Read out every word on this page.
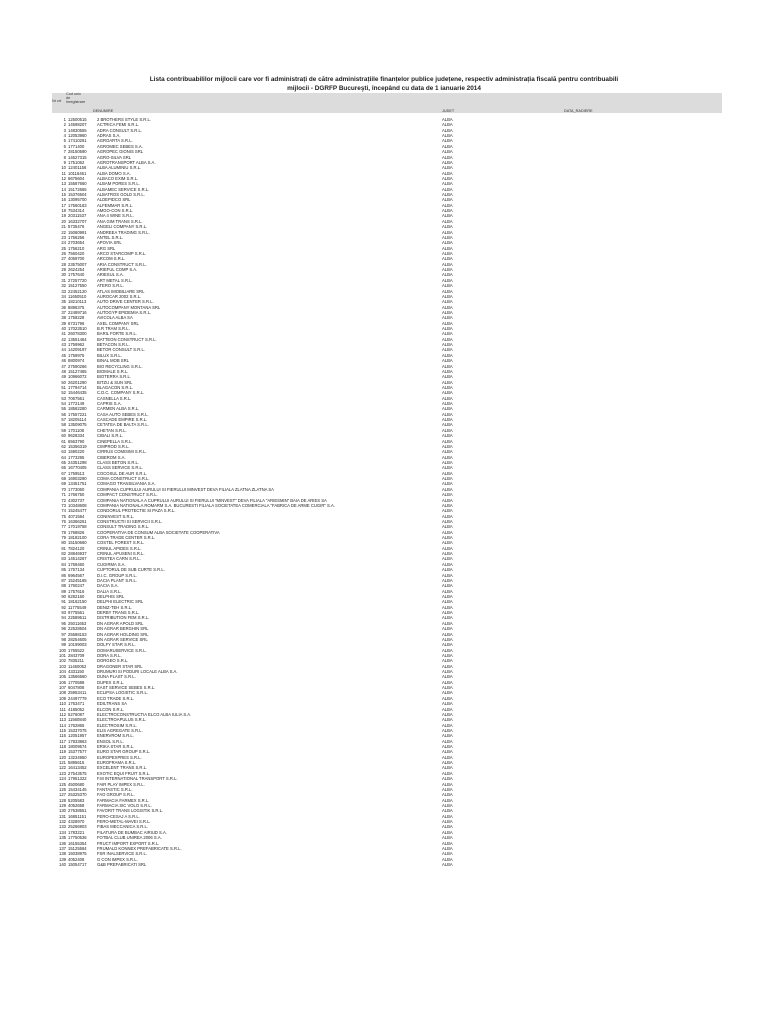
Lista contribuabililor mijlocii care vor fi administrați de către administrațiile finanțelor publice județene, respectiv administrația fiscală pentru contribuabili
mijlocii - DGRFP Bucureşti, începând cu data de 1 ianuarie 2014
Nr crt
Cod unic de înregistrare
DENUMIRE	JUDET	DATA_RADIERE
1 12500515	2 BROTHERS STYLE S.R.L.	ALBA
2 14598207	ACTRICA FEMI S.R.L.	ALBA
3 14830555	ADRA CONSULT S.R.L.	ALBA
4 12053960	ADRAS S.A.	ALBA
5 17410261	AGROARTA S.R.L.	ALBA
6 1771400	AGROMEC SEBES S.A.	ALBA
7 28150590	AGROPEC GIONIS SRL	ALBA
8 14627315	AGRO-SILVA SRL	ALBA
9 1751062	AGROTRANSPORT ALBA S.A.	ALBA
10 12401156	ALBA ALUMINIU S.R.L.	ALBA
11 10116461	ALBA DOMO S.A.	ALBA
12 6675604	ALBACO EXIM S.R.L.	ALBA
13 15587660	ALBAM PORES S.R.L.	ALBA
14 15172665	ALBAMEC SERVICE S.R.L.	ALBA
15 15376504	ALBATROS GOLD S.R.L.	ALBA
16 13095700	ALDEPIDCO SRL	ALBA
17 17560163	ALFEMMAR S.R.L.	ALBA
18 7534314	AMGO-CON S.R.L.	ALBA
19 20311537	ANA 4 WINE S.R.L.	ALBA
20 16332707	ANA GIM TRANS S.R.L.	ALBA
21 5735476	ANGELI COMPANY S.R.L.	ALBA
22 15060991	ANDREEA TRADING S.R.L.	ALBA
23 1756256	ANTEL S.R.L.	ALBA
24 2703654	APOVIA SRL	ALBA
25 1756210	ARG SRL	ALBA
26 7560420	ARCO STARCOMP S.R.L.	ALBA
27 4059700	ARCOM S.R.L.	ALBA
28 23575007	ARIA CONSTRUCT S.R.L.	ALBA
29 2624254	ARIEFUL COMP S.A.	ALBA
30 1757640	ARIESUL S.A.	ALBA
31 27257720	ART METAL S.R.L.	ALBA
32 15127550	ATERO S.R.L.	ALBA
33 22452120	ATLAS IMOBILIARE SRL	ALBA
34 11650510	AUROCAR 2002 S.R.L.	ALBA
35 18210113	AUTO DRIVE CENTER S.R.L.	ALBA
36 8896375	AUTOCOMPANY MONTANA SRL	ALBA
37 22489716	AUTOGYP EPIDEMIA S.R.L.	ALBA
38 1758228	AVICOLA ALBA SA	ALBA
39 6731796	AXEL COMPANY SRL	ALBA
40 17023510	B.R TRAM S.R.L.	ALBA
41 26078300	BARIL FORTE S.R.L.	ALBA
42 13551464	BATTEON CONSTRUCT S.R.L.	ALBA
43 1759962	BETACON S.R.L.	ALBA
44 14209197	BETOR CONSULT S.R.L.	ALBA
45 1759975	BILUX S.R.L.	ALBA
46 8800974	BINAL MOB SRL	ALBA
47 27590266	BIO RECYCLING S.R.L.	ALBA
48 15127465	BIOMALE S.R.L.	ALBA
49 10966072	BIOTERRA S.R.L.	ALBA
50 26201290	BITZU & SUN SRL	ALBA
51 17794714	BLAGACON S.R.L.	ALBA
52 15446435	C.D.C. COMPANY S.R.L.	ALBA
53 7067561	CASNELLA S.R.L.	ALBA
54 1772149	CAPRIS S.A.	ALBA
55 18562280	CARMEN ALBA S.R.L.	ALBA
56 17557221	CASA AUTO SEBES S.R.L.	ALBA
57 18205114	CASCADE EMPIRE S.R.L.	ALBA
58 13509075	CETATEA DE BALTA S.R.L.	ALBA
59 1701108	CHETAN S.R.L.	ALBA
60 9628334	CIBALI S.R.L.	ALBA
61 6563790	CINEPELLA S.R.L.	ALBA
62 15356319	CIMPROD S.R.L.	ALBA
63 1590220	CIRRUS COMISIMI S.R.L.	ALBA
64 1773295	CIBEROM S.A.	ALBA
65 24351298	CLASS BETON S.R.L.	ALBA
66 16770405	CLASS SERVICE S.R.L.	ALBA
67 1759513	COCOSUL DE AUR S.R.L.	ALBA
68 16903290	COMA CONSTRUCT S.R.L.	ALBA
69 13451751	COMAGO TRANSILVANIA S.A.	ALBA
70 1773060	COMPANIA CUPRULUI AURULUI SI FIERULUI MINVEST DEVA FILIALA ZLATNA ZLATNA SA	ALBA
71 1766750	COMPACT CONSTRUCT S.R.L.	ALBA
72 4302737	COMPANIA NATIONALA A CUPRULUI AURULUI SI FIERULUI "MINVEST" DEVA FILIALA "ARIESMIN" BAIA DE ARIES SA	ALBA
73 10348608	COMPANIA NATIONALA ROMARM S.A. BUCURESTI FILIALA SOCIETATEA COMERCIALA "FABRICA DE ARME CUGIR" S.A.	ALBA
74 15245477	CONDORUL PROTECTIE SI PAZA S.R.L.	ALBA
75 4071584	CONINVEST S.R.L.	ALBA
76 16366261	CONSTRUCTII SI SERVICII S.R.L.	ALBA
77 17019758	CONSULT TRADING S.R.L.	ALBA
78 1768826	COOPERATIVA DE CONSUM ALBA SOCIETATE COOPERATIVA	ALBA
79 18182100	CORA TRADE CENTER S.R.L.	ALBA
80 15150660	COSTEL FOREST S.R.L.	ALBA
81 7824120	CRINUL APIDES S.R.L.	ALBA
82 28846937	CRINUL APUSENI S.R.L.	ALBA
83 14514267	CRISTEA CARN S.R.L.	ALBA
84 1769460	CUGIRMA S.A.	ALBA
85 1757134	CUPTORUL DE SUB CURTE S.R.L.	ALBA
86 6964567	D.I.C. GROUP S.R.L.	ALBA
87 15245165	DACIA PLANT S.R.L.	ALBA
88 1760247	DACIA S.A.	ALBA
89 1757616	DALIA S.R.L.	ALBA
90 6282160	DELPHIS SRL	ALBA
91 18162150	DELPHI ELECTRIC SRL	ALBA
92 11775549	DENIZ-TEH S.R.L.	ALBA
93 9775561	DERBY TRANS S.R.L.	ALBA
94 22589511	DISTRIBUTION FEM S.R.L.	ALBA
95 25011653	DN AGRAR APOLD SRL	ALBA
96 22528504	DN AGRAR BERGHIN SRL	ALBA
97 25588153	DN AGRAR HOLDING SRL	ALBA
98 28254605	DN AGRAR SERVICE SRL	ALBA
99 10199003	DOLFY STAR S.R.L.	ALBA
100 1765522	DOMARUSERVICE S.R.L.	ALBA
101 2843709	DORA S.R.L.	ALBA
102 7835211	DORGEO S.R.L.	ALBA
103 11460052	DRAGONER STAR SRL	ALBA
104 4331150	DRUMURI SI PODURI LOCALE ALBA S.A.	ALBA
105 13566560	DUNA PLAST S.R.L.	ALBA
106 1770588	DUPEX S.R.L.	ALBA
107 6047808	EAST SERVICE SEBES S.R.L.	ALBA
108 25953411	ECLIPSA LOGISTIC S.R.L.	ALBA
109 24497779	ECO TRADE S.R.L.	ALBA
110 1763471	EDILTRANS SA	ALBA
111 4185052	ELCON S.R.L.	ALBA
112 5276087	ELECTROCONSTRUCTIA ELCO ALBA IULIA S.A.	ALBA
113 11560840	ELECTROAPULUS S.R.L.	ALBA
114 1762865	ELECTROSIM S.R.L.	ALBA
115 15337075	ELIS AGREGATE S.R.L.	ALBA
116 12051957	ENERVROM S.R.L.	ALBA
117 17833863	ENSOL S.R.L.	ALBA
118 18009574	ERIKA STAR S.R.L.	ALBA
119 15377577	EURO STAR GROUP S.R.L.	ALBA
120 13234950	EUROPEXPRES S.R.L.	ALBA
121 5895615	EUROFRAMA S.R.L.	ALBA
122 16413452	EXCELENT TRANS S.R.L.	ALBA
123 27543575	EXOTIC EQUI FRUIT S.R.L.	ALBA
124 17951322	F.M INTERNATIONAL TRANSPORT S.R.L.	ALBA
125 4500680	FAIR PLAY IMPEX S.R.L.	ALBA
126 15434145	FANTASTIC S.R.L.	ALBA
127 25325370	FAO GROUP S.R.L.	ALBA
128 5205583	FARMACIA FARMEX S.R.L.	ALBA
129 4052658	FARMACIA SIC VOLO S.R.L.	ALBA
130 27638551	FAVORIT TRANS LOGISTIK S.R.L.	ALBA
131 16851151	FERO-CESAJ A S.R.L.	ALBA
132 4328970	FERO-METAL-MAVEI S.R.L.	ALBA
133 25266903	FIBAS MECCANICA S.R.L.	ALBA
134 1783221	FILATURA DE BUMBAC AIRIUD S.A.	ALBA
135 17750536	FOTBAL CLUB UNIREA 2006 S.A.	ALBA
136 16155354	FRUCT IMPORT EXPORT S.R.L.	ALBA
137 15125584	FRUMALD KONNEX PREFABRICATE S.R.L.	ALBA
138 15038975	FSR INALSERVICE S.R.L.	ALBA
139 4052408	G CON IMPEX S.R.L.	ALBA
140 15054717	G&B PREFABRICATI SRL	ALBA
